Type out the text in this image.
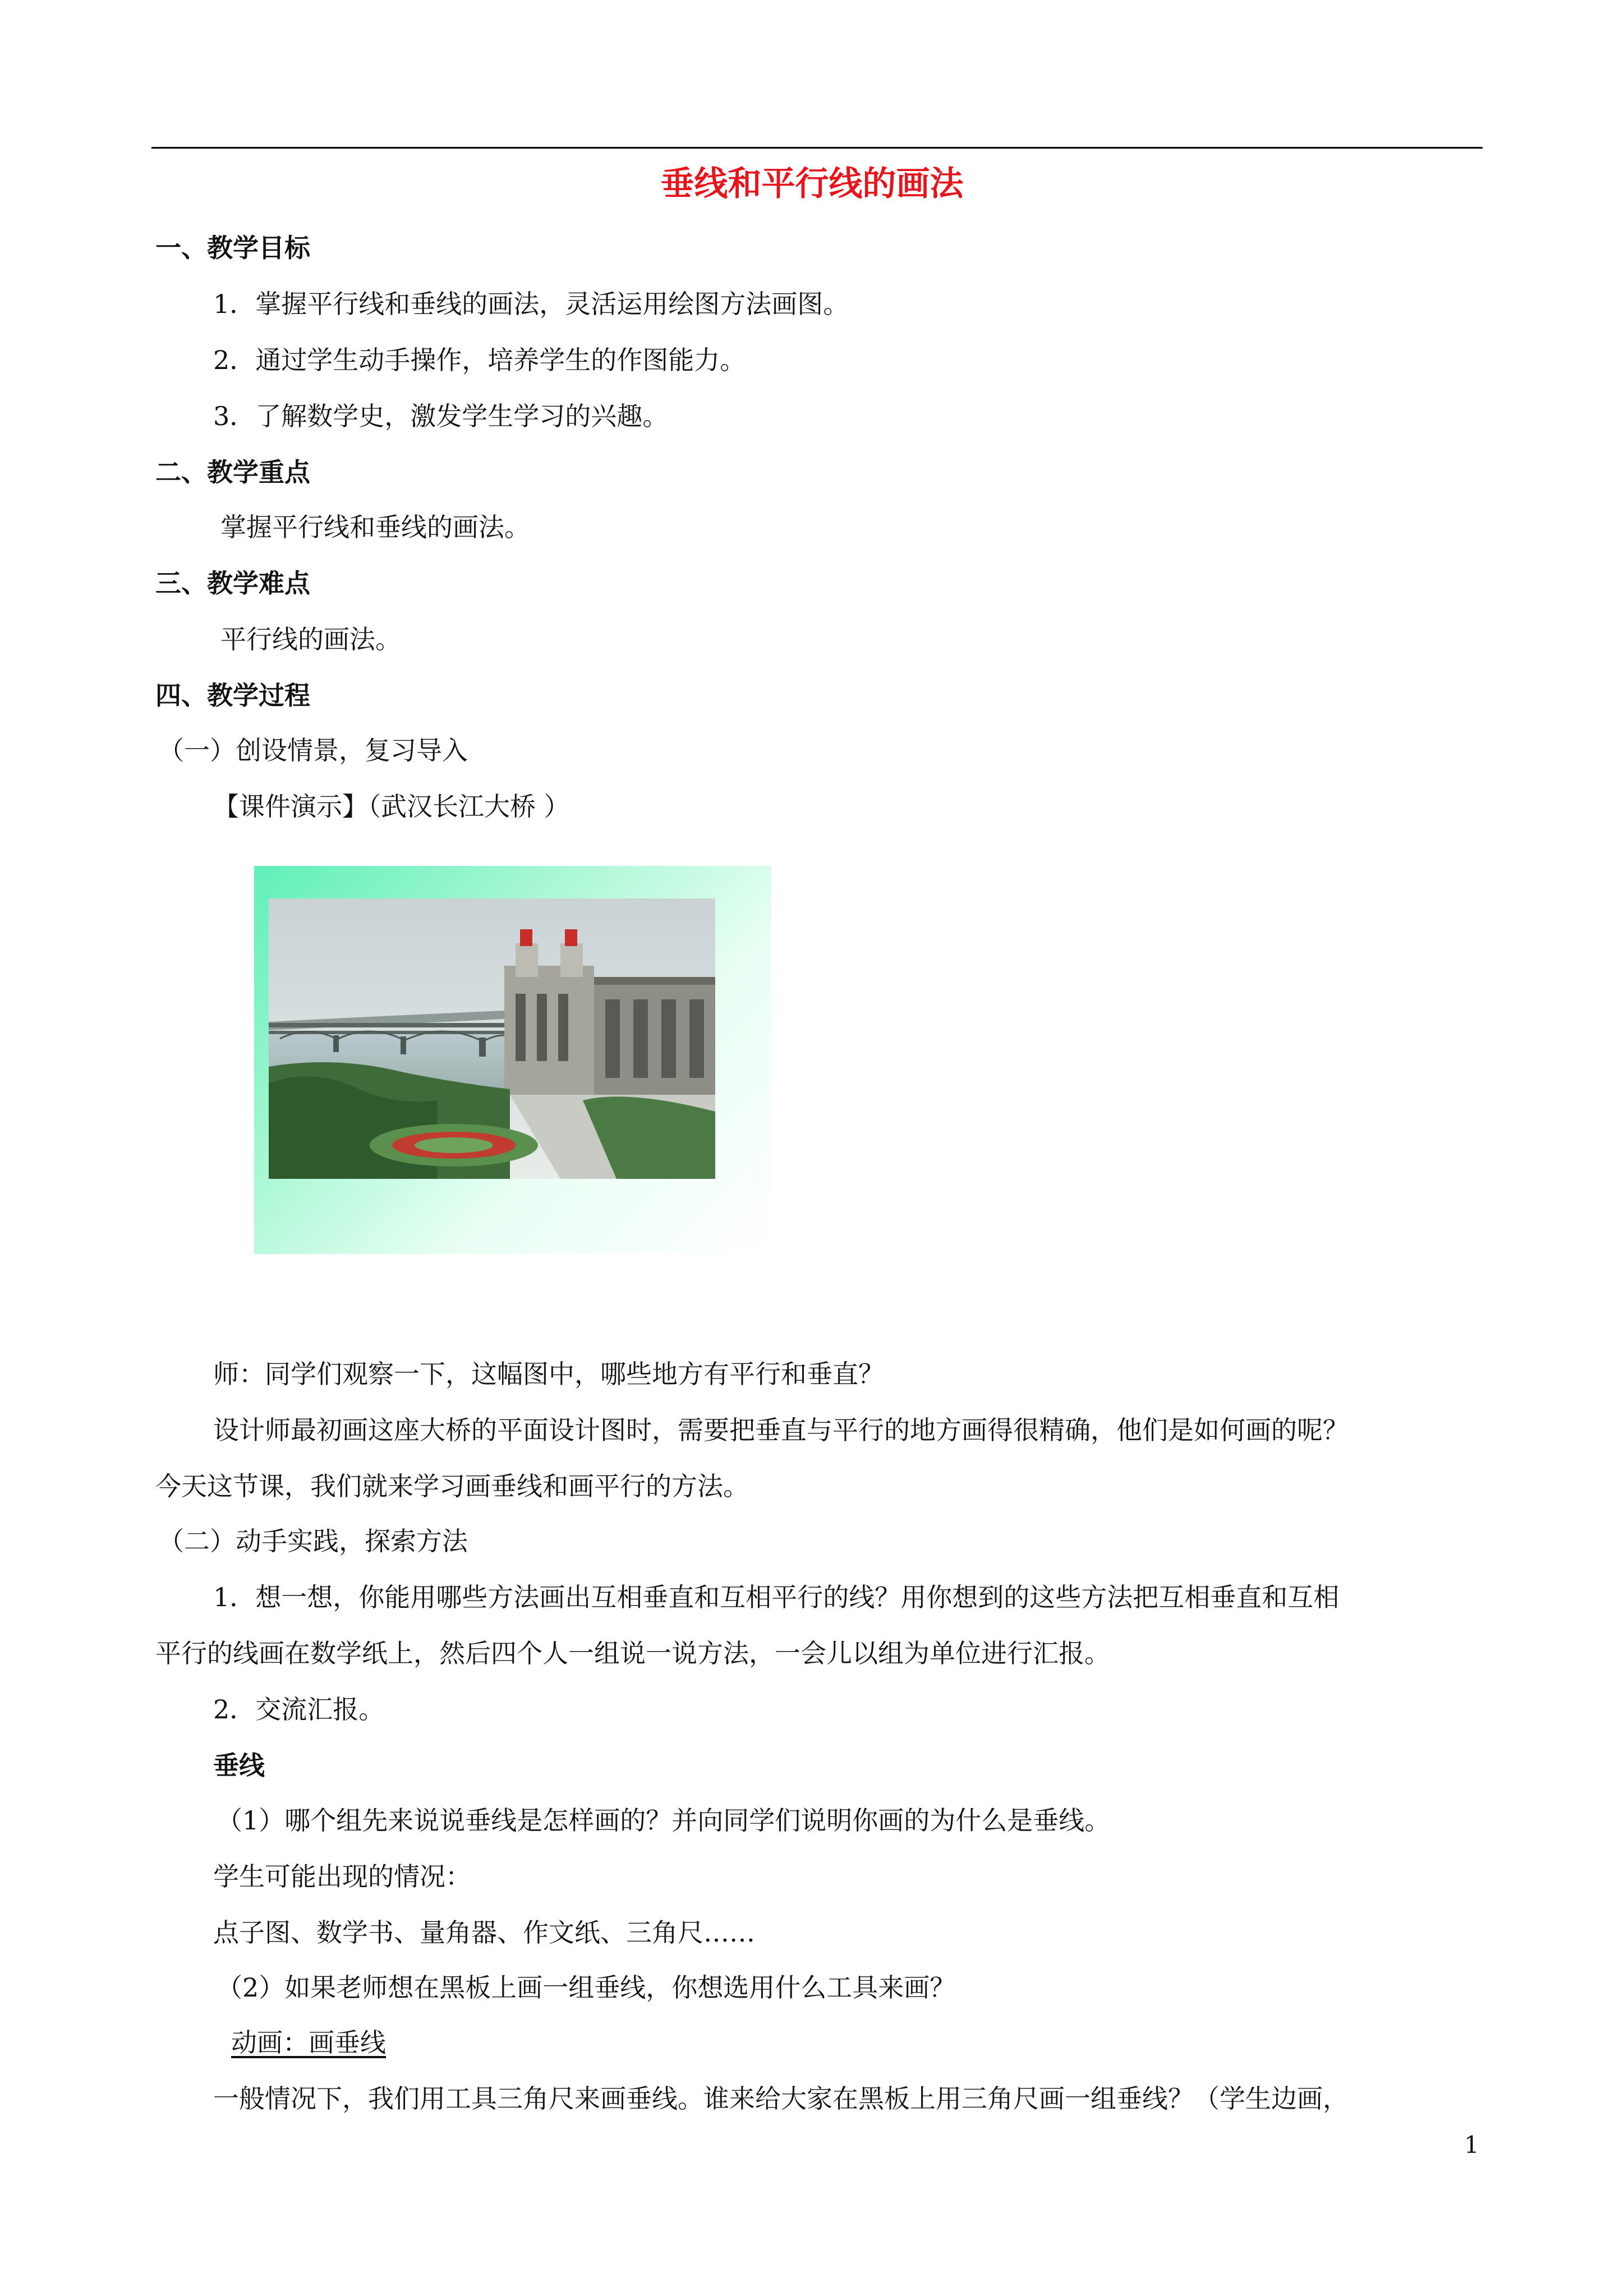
垂线和平行线的画法
一、教学目标
1．掌握平行线和垂线的画法，灵活运用绘图方法画图。
2．通过学生动手操作，培养学生的作图能力。
3．了解数学史，激发学生学习的兴趣。
二、教学重点
掌握平行线和垂线的画法。
三、教学难点
平行线的画法。
四、教学过程
（一）创设情景，复习导入
【课件演示】（武汉长江大桥 ）
师：同学们观察一下，这幅图中，哪些地方有平行和垂直？
设计师最初画这座大桥的平面设计图时，需要把垂直与平行的地方画得很精确，他们是如何画的呢？
今天这节课，我们就来学习画垂线和画平行的方法。
（二）动手实践，探索方法
1．想一想，你能用哪些方法画出互相垂直和互相平行的线？用你想到的这些方法把互相垂直和互相
平行的线画在数学纸上，然后四个人一组说一说方法，一会儿以组为单位进行汇报。
2．交流汇报。
垂线
（1）哪个组先来说说垂线是怎样画的？并向同学们说明你画的为什么是垂线。
学生可能出现的情况：
点子图、数学书、量角器、作文纸、三角尺……
（2）如果老师想在黑板上画一组垂线，你想选用什么工具来画？
动画：画垂线
一般情况下，我们用工具三角尺来画垂线。谁来给大家在黑板上用三角尺画一组垂线？（学生边画，
1
